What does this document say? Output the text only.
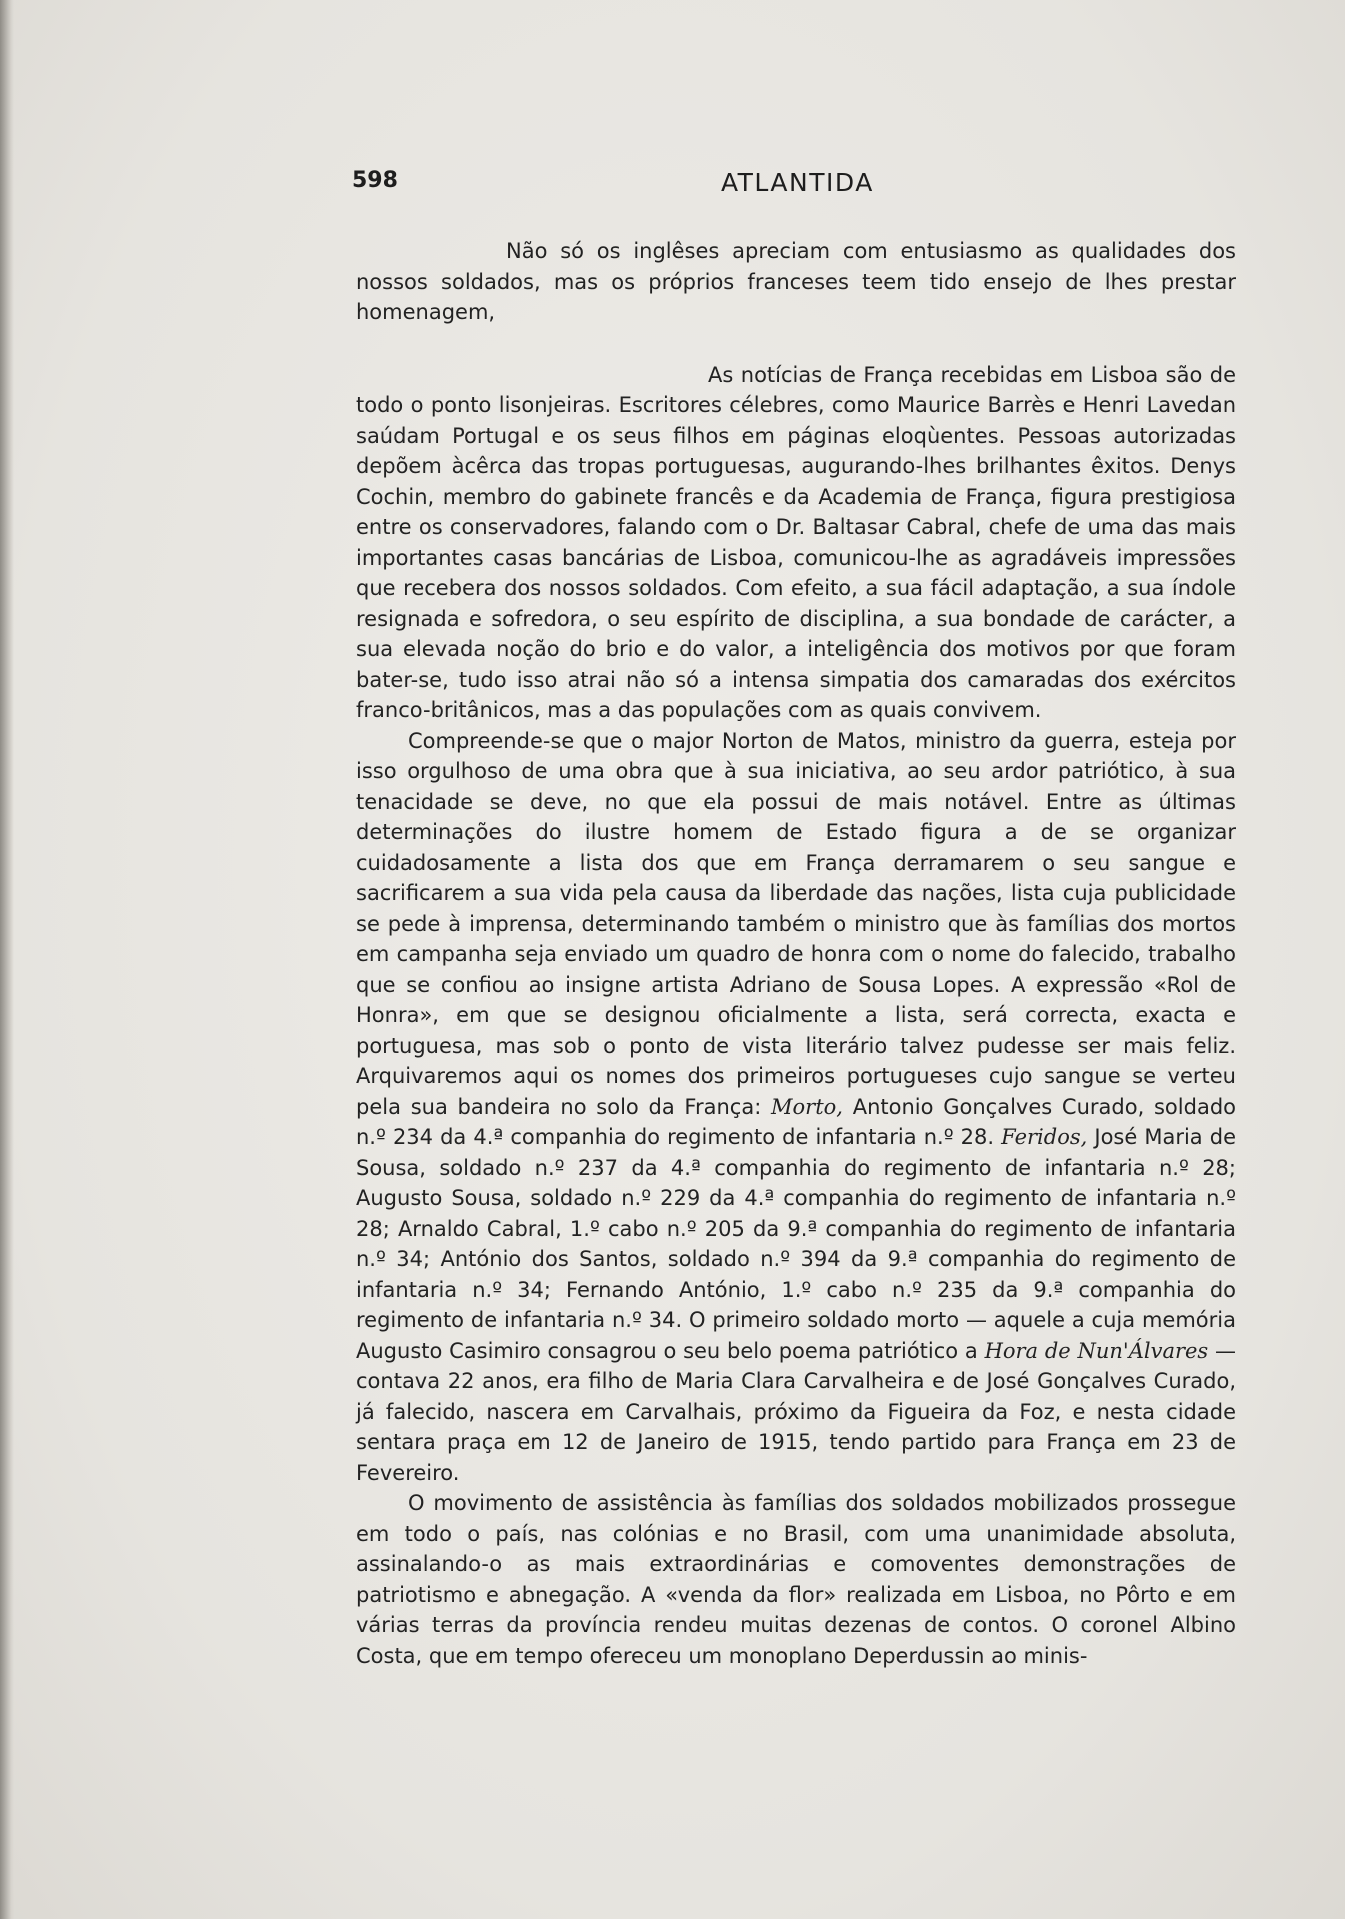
598	ATLANTIDA

Não só os inglêses apreciam com entusiasmo as qualidades dos nossos soldados, mas os próprios franceses teem tido ensejo de lhes prestar homenagem,

As notícias de França recebidas em Lisboa são de todo o ponto lisonjeiras. Escritores célebres, como Maurice Barrès e Henri Lavedan saúdam Portugal e os seus filhos em páginas eloqùentes. Pessoas autorizadas depõem àcêrca das tropas portuguesas, augurando-lhes brilhantes êxitos. Denys Cochin, membro do gabinete francês e da Academia de França, figura prestigiosa entre os conservadores, falando com o Dr. Baltasar Cabral, chefe de uma das mais importantes casas bancárias de Lisboa, comunicou-lhe as agradáveis impressões que recebera dos nossos soldados. Com efeito, a sua fácil adaptação, a sua índole resignada e sofredora, o seu espírito de disciplina, a sua bondade de carácter, a sua elevada noção do brio e do valor, a inteligência dos motivos por que foram bater-se, tudo isso atrai não só a intensa simpatia dos camaradas dos exércitos franco-britânicos, mas a das populações com as quais convivem.

Compreende-se que o major Norton de Matos, ministro da guerra, esteja por isso orgulhoso de uma obra que à sua iniciativa, ao seu ardor patriótico, à sua tenacidade se deve, no que ela possui de mais notável. Entre as últimas determinações do ilustre homem de Estado figura a de se organizar cuidadosamente a lista dos que em França derramarem o seu sangue e sacrificarem a sua vida pela causa da liberdade das nações, lista cuja publicidade se pede à imprensa, determinando também o ministro que às famílias dos mortos em campanha seja enviado um quadro de honra com o nome do falecido, trabalho que se confiou ao insigne artista Adriano de Sousa Lopes. A expressão «Rol de Honra», em que se designou oficialmente a lista, será correcta, exacta e portuguesa, mas sob o ponto de vista literário talvez pudesse ser mais feliz. Arquivaremos aqui os nomes dos primeiros portugueses cujo sangue se verteu pela sua bandeira no solo da França: Morto, Antonio Gonçalves Curado, soldado n.º 234 da 4.ª companhia do regimento de infantaria n.º 28. Feridos, José Maria de Sousa, soldado n.º 237 da 4.ª companhia do regimento de infantaria n.º 28; Augusto Sousa, soldado n.º 229 da 4.ª companhia do regimento de infantaria n.º 28; Arnaldo Cabral, 1.º cabo n.º 205 da 9.ª companhia do regimento de infantaria n.º 34; António dos Santos, soldado n.º 394 da 9.ª companhia do regimento de infantaria n.º 34; Fernando António, 1.º cabo n.º 235 da 9.ª companhia do regimento de infantaria n.º 34. O primeiro soldado morto — aquele a cuja memória Augusto Casimiro consagrou o seu belo poema patriótico a Hora de Nun'Álvares — contava 22 anos, era filho de Maria Clara Carvalheira e de José Gonçalves Curado, já falecido, nascera em Carvalhais, próximo da Figueira da Foz, e nesta cidade sentara praça em 12 de Janeiro de 1915, tendo partido para França em 23 de Fevereiro.

O movimento de assistência às famílias dos soldados mobilizados prossegue em todo o país, nas colónias e no Brasil, com uma unanimidade absoluta, assinalando-o as mais extraordinárias e comoventes demonstrações de patriotismo e abnegação. A «venda da flor» realizada em Lisboa, no Pôrto e em várias terras da província rendeu muitas dezenas de contos. O coronel Albino Costa, que em tempo ofereceu um monoplano Deperdussin ao minis-
